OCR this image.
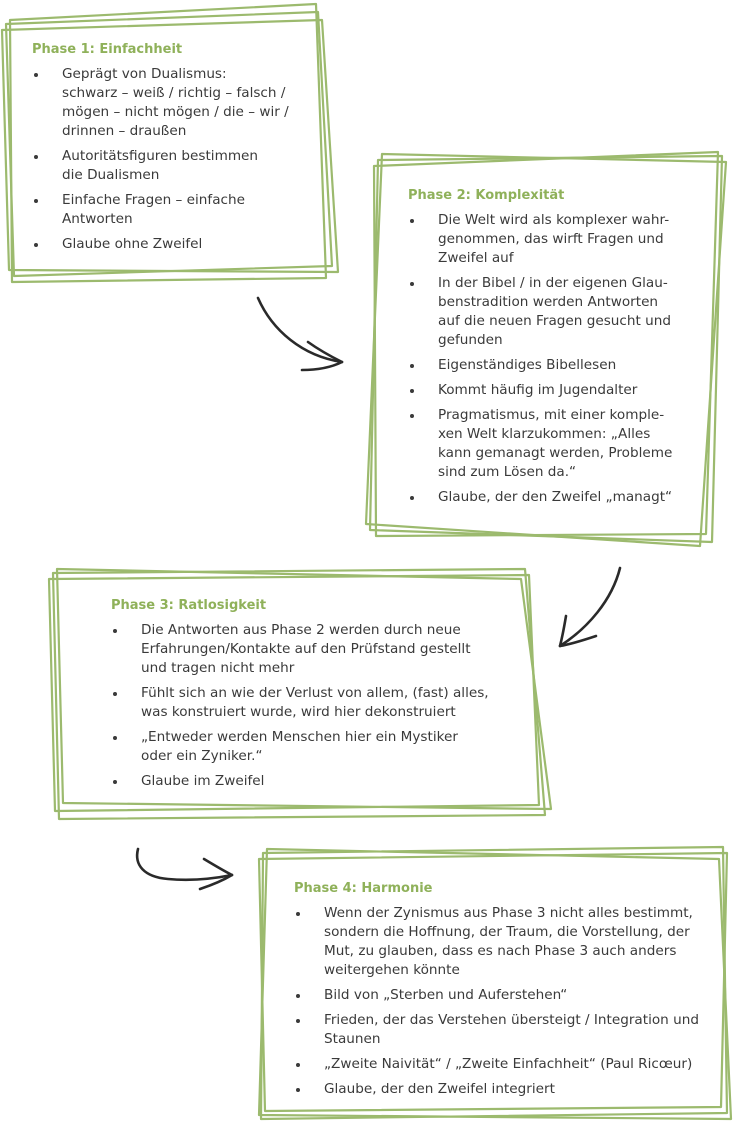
Phase 1: Einfachheit
Geprägt von Dualismus:
schwarz – weiß / richtig – falsch /
mögen – nicht mögen / die – wir /
drinnen – draußen
Autoritätsfiguren bestimmen
die Dualismen
Einfache Fragen – einfache
Antworten
Glaube ohne Zweifel
Phase 2: Komplexität
Die Welt wird als komplexer wahr-
genommen, das wirft Fragen und
Zweifel auf
In der Bibel / in der eigenen Glau-
benstradition werden Antworten
auf die neuen Fragen gesucht und
gefunden
Eigenständiges Bibellesen
Kommt häufig im Jugendalter
Pragmatismus, mit einer komple-
xen Welt klarzukommen: „Alles
kann gemanagt werden, Probleme
sind zum Lösen da.“
Glaube, der den Zweifel „managt“
Phase 3: Ratlosigkeit
Die Antworten aus Phase 2 werden durch neue
Erfahrungen/Kontakte auf den Prüfstand gestellt
und tragen nicht mehr
Fühlt sich an wie der Verlust von allem, (fast) alles,
was konstruiert wurde, wird hier dekonstruiert
„Entweder werden Menschen hier ein Mystiker
oder ein Zyniker.“
Glaube im Zweifel
Phase 4: Harmonie
Wenn der Zynismus aus Phase 3 nicht alles bestimmt,
sondern die Hoffnung, der Traum, die Vorstellung, der
Mut, zu glauben, dass es nach Phase 3 auch anders
weitergehen könnte
Bild von „Sterben und Auferstehen“
Frieden, der das Verstehen übersteigt / Integration und
Staunen
„Zweite Naivität“ / „Zweite Einfachheit“ (Paul Ricœur)
Glaube, der den Zweifel integriert
